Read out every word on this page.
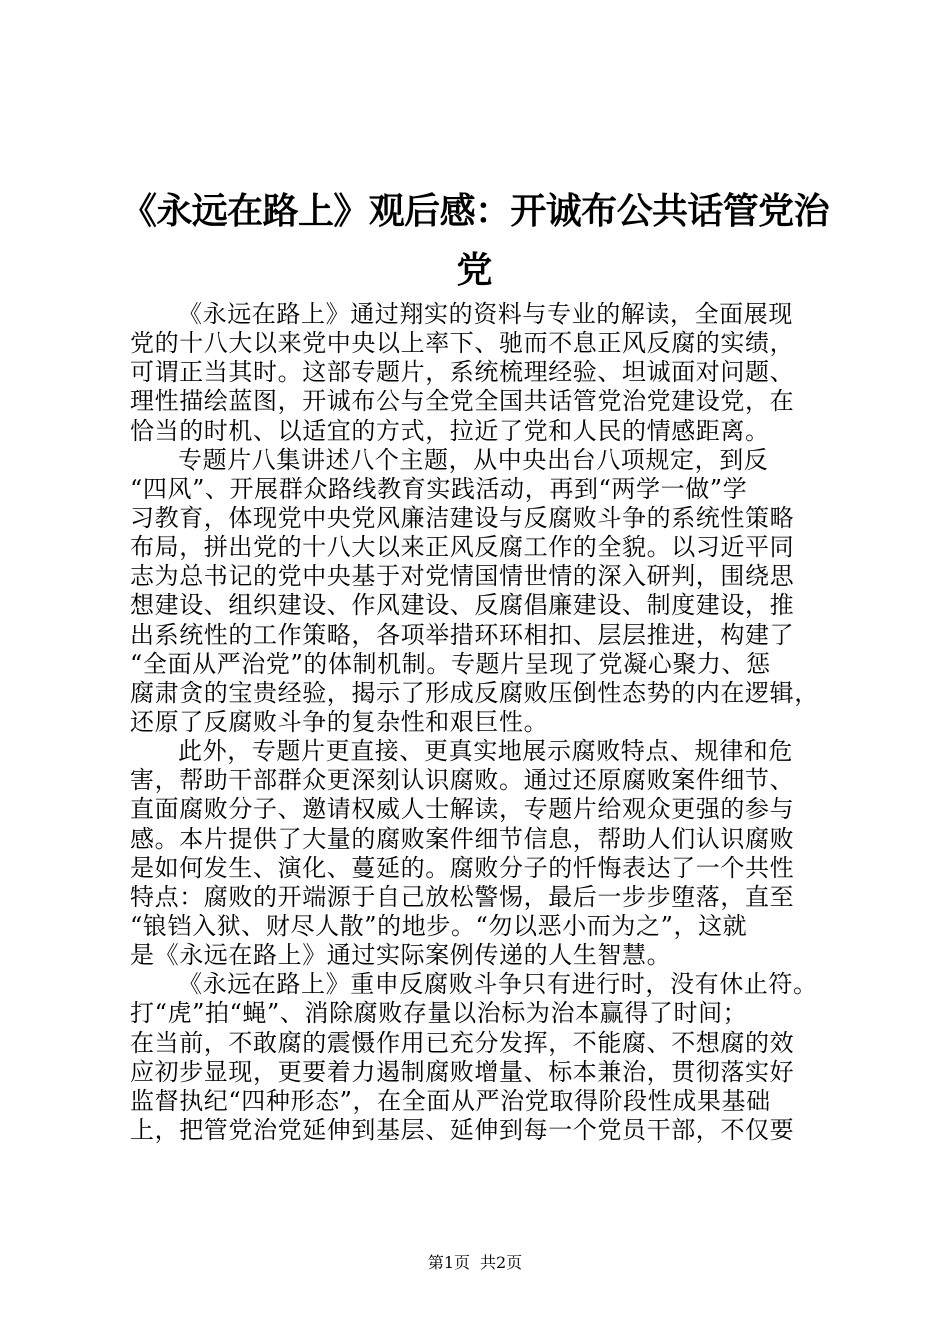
《永远在路上》观后感：开诚布公共话管党治
党
《永远在路上》通过翔实的资料与专业的解读，全面展现
党的十八大以来党中央以上率下、驰而不息正风反腐的实绩，
可谓正当其时。这部专题片，系统梳理经验、坦诚面对问题、
理性描绘蓝图，开诚布公与全党全国共话管党治党建设党，在
恰当的时机、以适宜的方式，拉近了党和人民的情感距离。
专题片八集讲述八个主题，从中央出台八项规定，到反
“四风”、开展群众路线教育实践活动，再到“两学一做”学
习教育，体现党中央党风廉洁建设与反腐败斗争的系统性策略
布局，拼出党的十八大以来正风反腐工作的全貌。以习近平同
志为总书记的党中央基于对党情国情世情的深入研判，围绕思
想建设、组织建设、作风建设、反腐倡廉建设、制度建设，推
出系统性的工作策略，各项举措环环相扣、层层推进，构建了
“全面从严治党”的体制机制。专题片呈现了党凝心聚力、惩
腐肃贪的宝贵经验，揭示了形成反腐败压倒性态势的内在逻辑，
还原了反腐败斗争的复杂性和艰巨性。
此外，专题片更直接、更真实地展示腐败特点、规律和危
害，帮助干部群众更深刻认识腐败。通过还原腐败案件细节、
直面腐败分子、邀请权威人士解读，专题片给观众更强的参与
感。本片提供了大量的腐败案件细节信息，帮助人们认识腐败
是如何发生、演化、蔓延的。腐败分子的忏悔表达了一个共性
特点：腐败的开端源于自己放松警惕，最后一步步堕落，直至
“锒铛入狱、财尽人散”的地步。“勿以恶小而为之”，这就
是《永远在路上》通过实际案例传递的人生智慧。
《永远在路上》重申反腐败斗争只有进行时，没有休止符。
打“虎”拍“蝇”、消除腐败存量以治标为治本赢得了时间；
在当前，不敢腐的震慑作用已充分发挥，不能腐、不想腐的效
应初步显现，更要着力遏制腐败增量、标本兼治，贯彻落实好
监督执纪“四种形态”，在全面从严治党取得阶段性成果基础
上，把管党治党延伸到基层、延伸到每一个党员干部，不仅要
第1页 共2页
